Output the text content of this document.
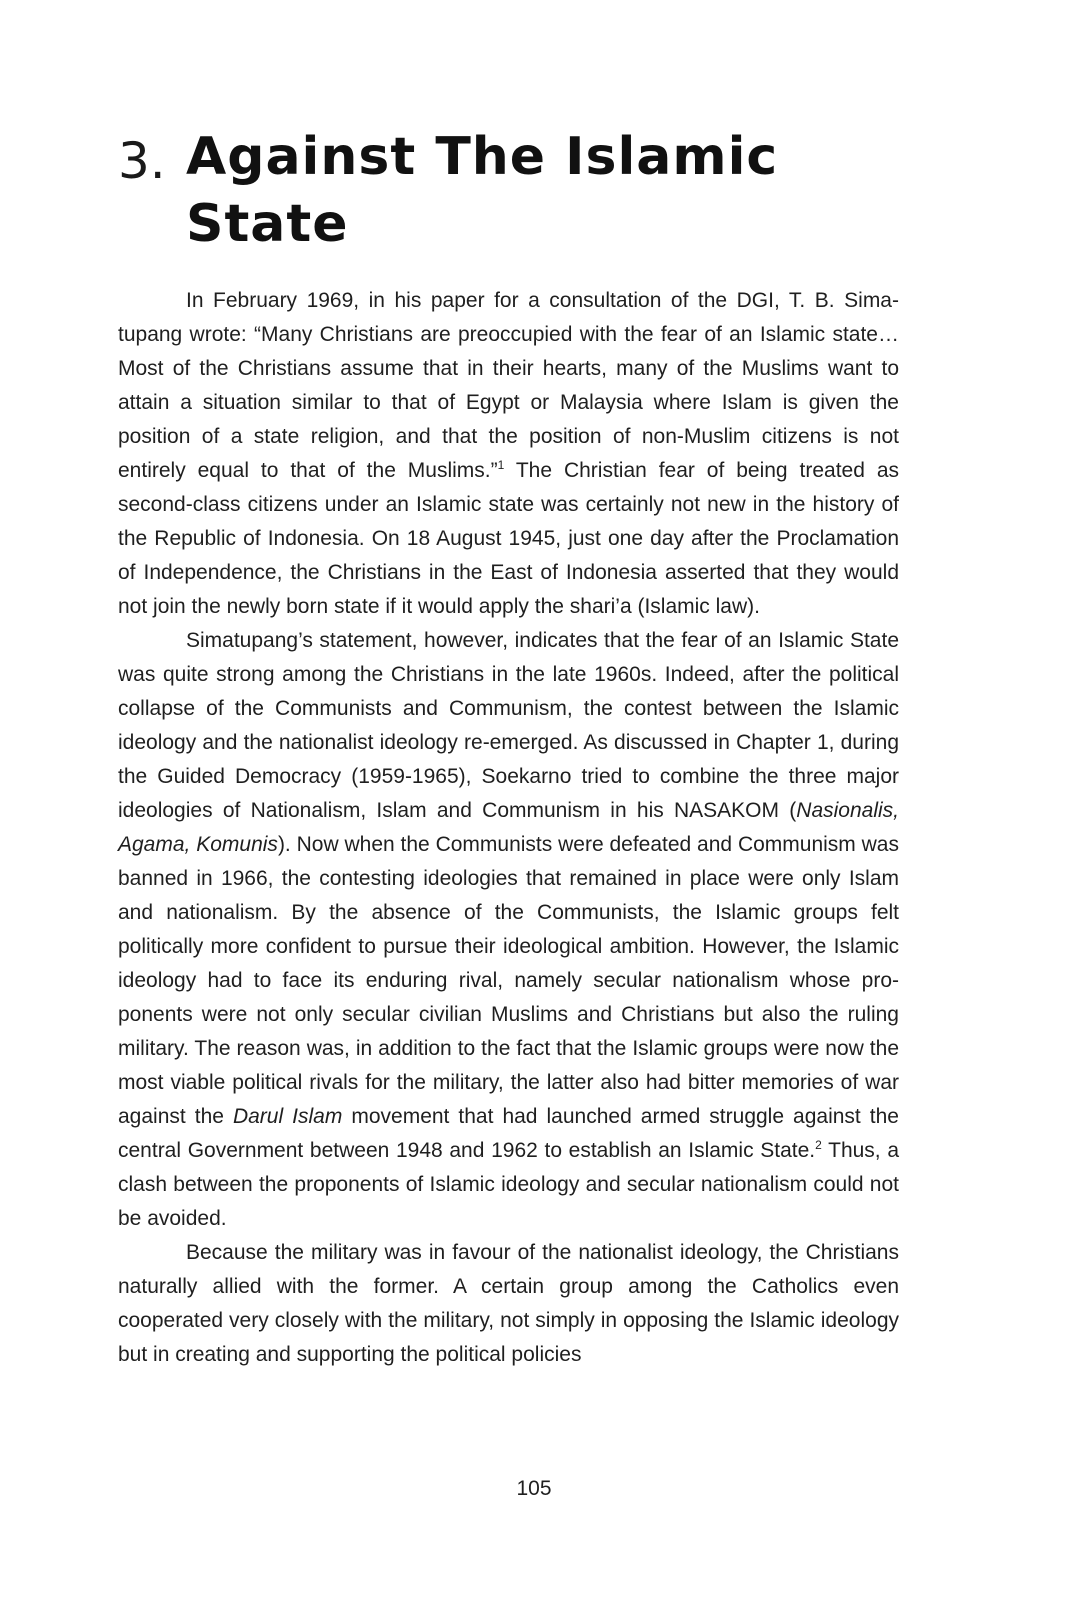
3. Against The Islamic State

In February 1969, in his paper for a consultation of the DGI, T. B. Simatupang wrote: “Many Christians are preoccupied with the fear of an Islamic state…Most of the Christians assume that in their hearts, many of the Muslims want to attain a situation similar to that of Egypt or Malaysia where Islam is given the position of a state religion, and that the position of non-Muslim citizens is not entirely equal to that of the Muslims.”$^1$ The Christian fear of being treated as second-class citizens under an Islamic state was certainly not new in the history of the Republic of Indonesia. On 18 August 1945, just one day after the Proclamation of Independence, the Christians in the East of Indonesia asserted that they would not join the newly born state if it would apply the shari’a (Islamic law).

Simatupang’s statement, however, indicates that the fear of an Islamic State was quite strong among the Christians in the late 1960s. Indeed, after the political collapse of the Communists and Communism, the contest between the Islamic ideology and the nationalist ideology re-emerged. As discussed in Chapter 1, during the Guided Democracy (1959-1965), Soekarno tried to combine the three major ideologies of Nationalism, Islam and Communism in his NASAKOM (Nasionalis, Agama, Komunis). Now when the Communists were defeated and Communism was banned in 1966, the contesting ideologies that remained in place were only Islam and nationalism. By the absence of the Communists, the Islamic groups felt politically more confident to pursue their ideological ambition. However, the Islamic ideology had to face its enduring rival, namely secular nationalism whose proponents were not only secular civilian Muslims and Christians but also the ruling military. The reason was, in addition to the fact that the Islamic groups were now the most viable political rivals for the military, the latter also had bitter memories of war against the Darul Islam movement that had launched armed struggle against the central Government between 1948 and 1962 to establish an Islamic State.$^2$ Thus, a clash between the proponents of Islamic ideology and secular nationalism could not be avoided.

Because the military was in favour of the nationalist ideology, the Christians naturally allied with the former. A certain group among the Catholics even cooperated very closely with the military, not simply in opposing the Islamic ideology but in creating and supporting the political policies

105
